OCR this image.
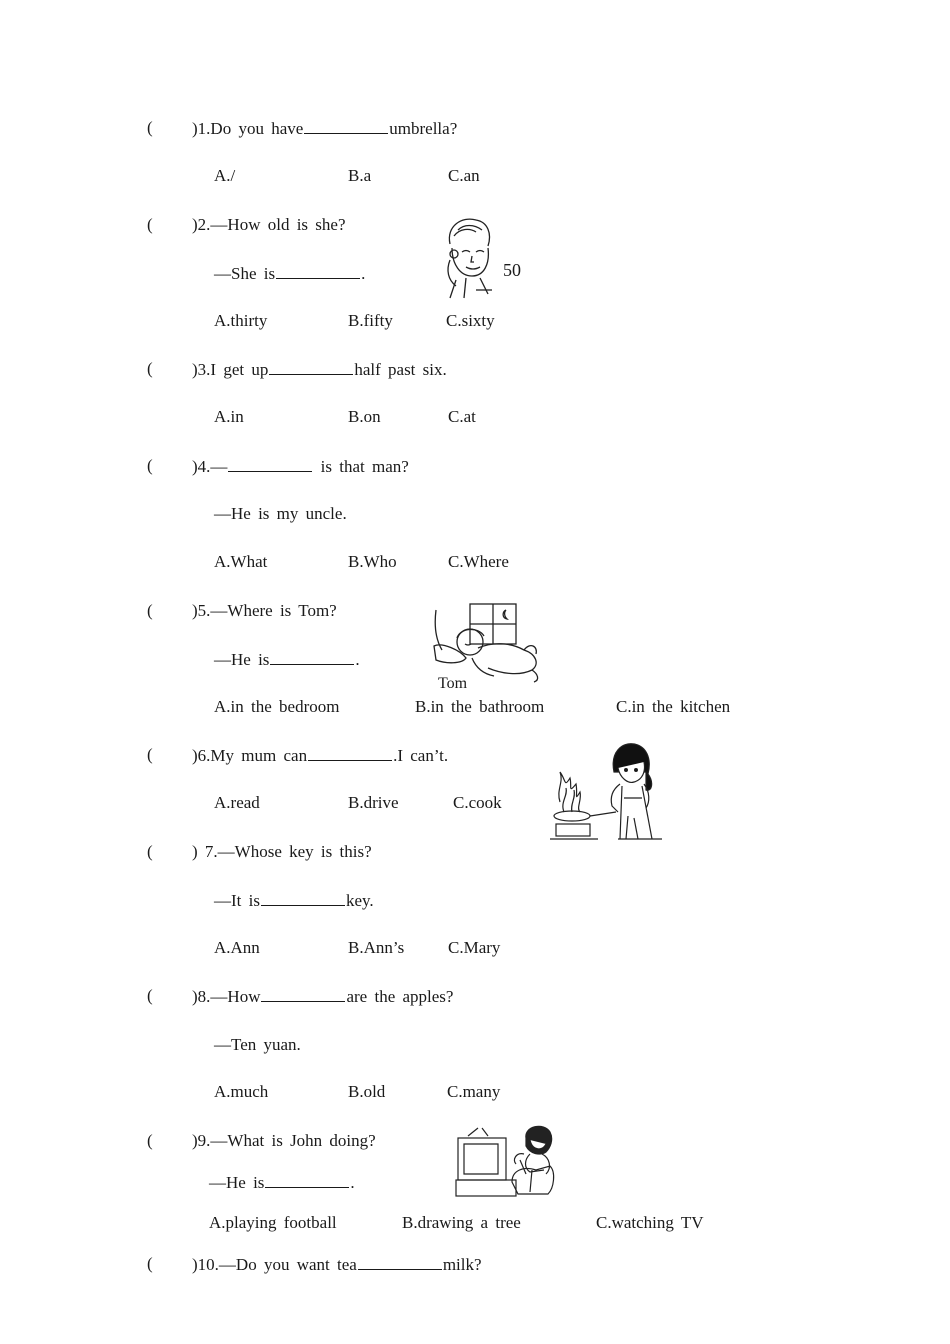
( )1.Do you have	umbrella?
A./	B.a	C.an
( )2.—How old is she?
—She is	.	50
A.thirty	B.fifty	C.sixty
( )3.I get up	half past six.
A.in	B.on	C.at
( )4.—	is that man?
—He is my uncle.
A.What	B.Who	C.Where
( )5.—Where is Tom?
—He is	.
Tom
A.in the bedroom	B.in the bathroom	C.in the kitchen
( )6.My mum can	.I can’t.
A.read	B.drive	C.cook
( ) 7.—Whose key is this?
—It is	key.
A.Ann	B.Ann’s	C.Mary
( )8.—How	are the apples?
—Ten yuan.
A.much	B.old	C.many
( )9.—What is John doing?
—He is	.
A.playing football	B.drawing a tree	C.watching TV
( )10.—Do you want tea	milk?
